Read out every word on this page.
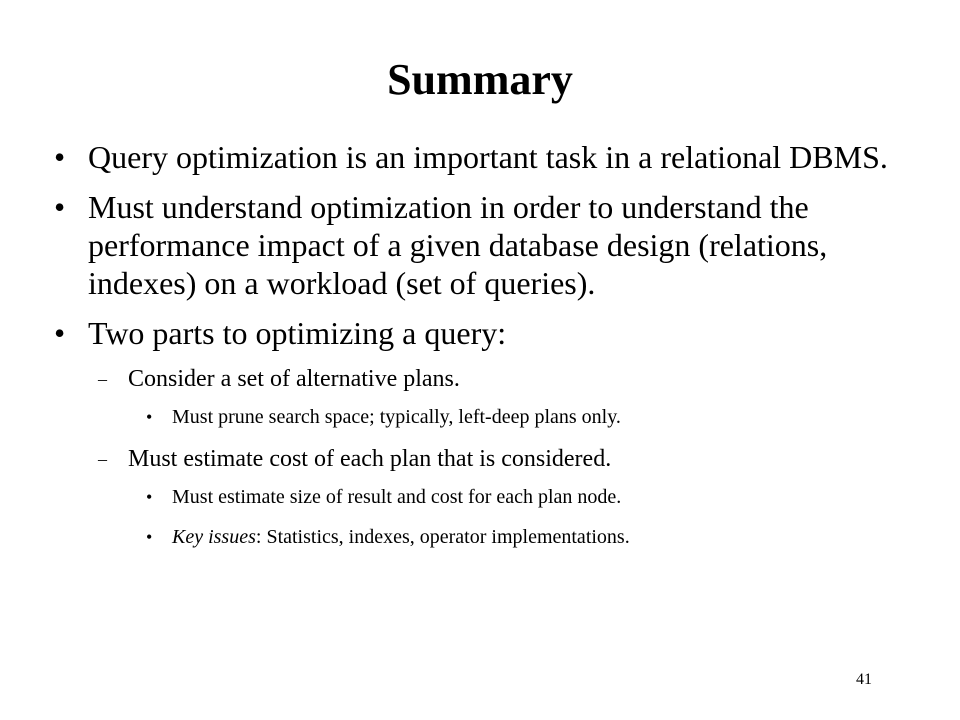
Summary
• Query optimization is an important task in a relational DBMS.
• Must understand optimization in order to understand the performance impact of a given database design (relations, indexes) on a workload (set of queries).
• Two parts to optimizing a query:
– Consider a set of alternative plans.
• Must prune search space; typically, left-deep plans only.
– Must estimate cost of each plan that is considered.
• Must estimate size of result and cost for each plan node.
• Key issues: Statistics, indexes, operator implementations.
41
